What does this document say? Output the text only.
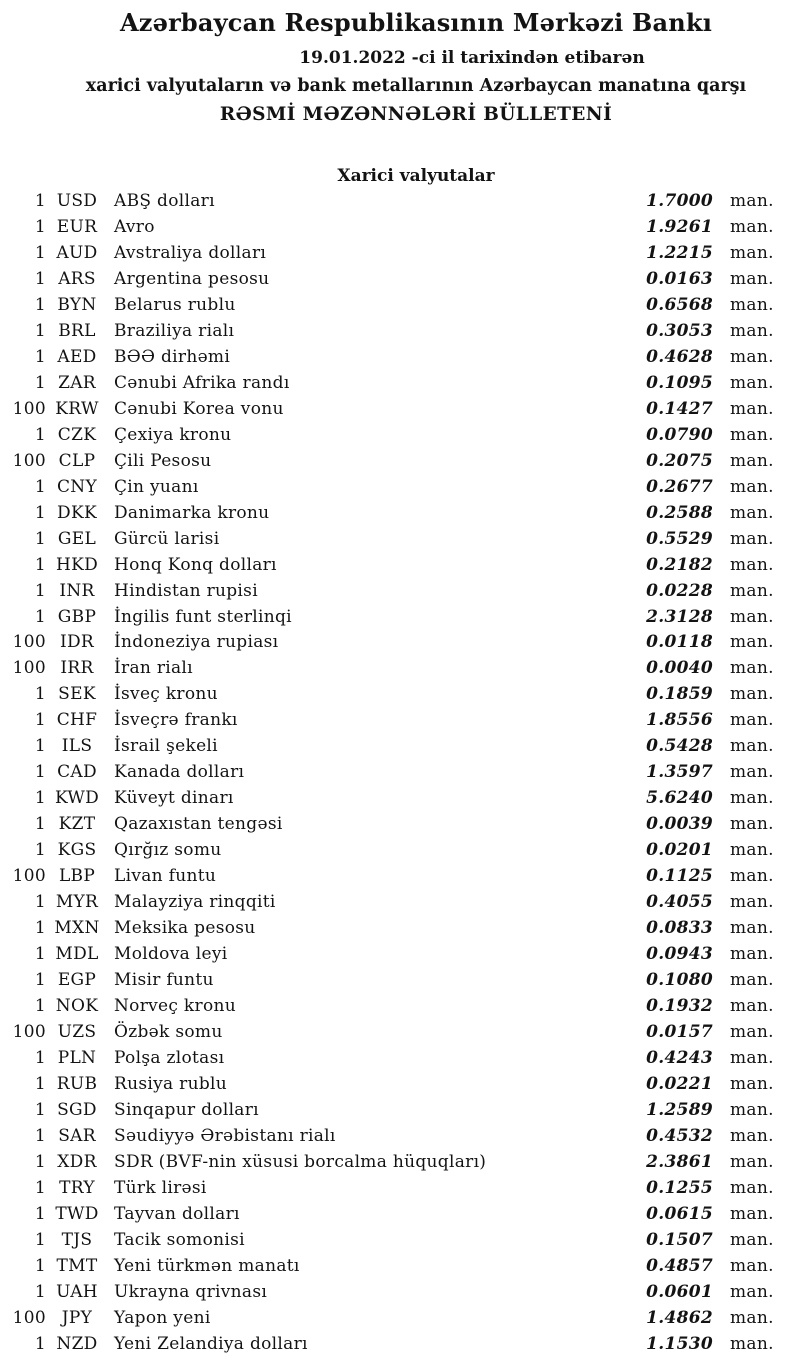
Azərbaycan Respublikasının Mərkəzi Bankı
19.01.2022 -ci il tarixindən etibarən
xarici valyutaların və bank metallarının Azərbaycan manatına qarşı
RƏSMİ MƏZƏNNƏLƏRİ BÜLLETENİ
Xarici valyutalar
1 USD ABŞ dolları	1.7000	man.
1 EUR Avro	1.9261	man.
1 AUD Avstraliya dolları	1.2215	man.
1 ARS	Argentina pesosu	0.0163	man.
1 BYN	Belarus rublu	0.6568	man.
1 BRL	Braziliya rialı	0.3053	man.
1 AED	BƏƏ dirhəmi	0.4628	man.
1 ZAR	Cənubi Afrika randı	0.1095	man.
100 KRW Cənubi Korea vonu	0.1427	man.
1 CZK	Çexiya kronu	0.0790	man.
100 CLP	Çili Pesosu	0.2075	man.
1 CNY	Çin yuanı	0.2677	man.
1 DKK	Danimarka kronu	0.2588	man.
1 GEL	Gürcü larisi	0.5529	man.
1 HKD Honq Konq dolları	0.2182	man.
1 INR	Hindistan rupisi	0.0228	man.
1 GBP	İngilis funt sterlinqi	2.3128	man.
100 IDR	İndoneziya rupiası	0.0118	man.
100 IRR	İran rialı	0.0040	man.
1 SEK	İsveç kronu	0.1859	man.
1 CHF İsveçrə frankı	1.8556	man.
1 ILS	İsrail şekeli	0.5428	man.
1 CAD	Kanada dolları	1.3597	man.
1 KWD Küveyt dinarı	5.6240	man.
1 KZT	Qazaxıstan tengəsi	0.0039	man.
1 KGS	Qırğız somu	0.0201	man.
100 LBP	Livan funtu	0.1125	man.
1 MYR Malayziya rinqqiti	0.4055	man.
1 MXN Meksika pesosu	0.0833	man.
1 MDL Moldova leyi	0.0943	man.
1 EGP	Misir funtu	0.1080	man.
1 NOK Norveç kronu	0.1932	man.
100 UZS	Özbək somu	0.0157	man.
1 PLN	Polşa zlotası	0.4243	man.
1 RUB Rusiya rublu	0.0221	man.
1 SGD	Sinqapur dolları	1.2589	man.
1 SAR	Səudiyyə Ərəbistanı rialı	0.4532	man.
1 XDR	SDR (BVF-nin xüsusi borcalma hüquqları)	2.3861	man.
1 TRY	Türk lirəsi	0.1255	man.
1 TWD Tayvan dolları	0.0615	man.
1 TJS	Tacik somonisi	0.1507	man.
1 TMT Yeni türkmən manatı	0.4857	man.
1 UAH Ukrayna qrivnası	0.0601	man.
100 JPY	Yapon yeni	1.4862	man.
1 NZD Yeni Zelandiya dolları	1.1530	man.
